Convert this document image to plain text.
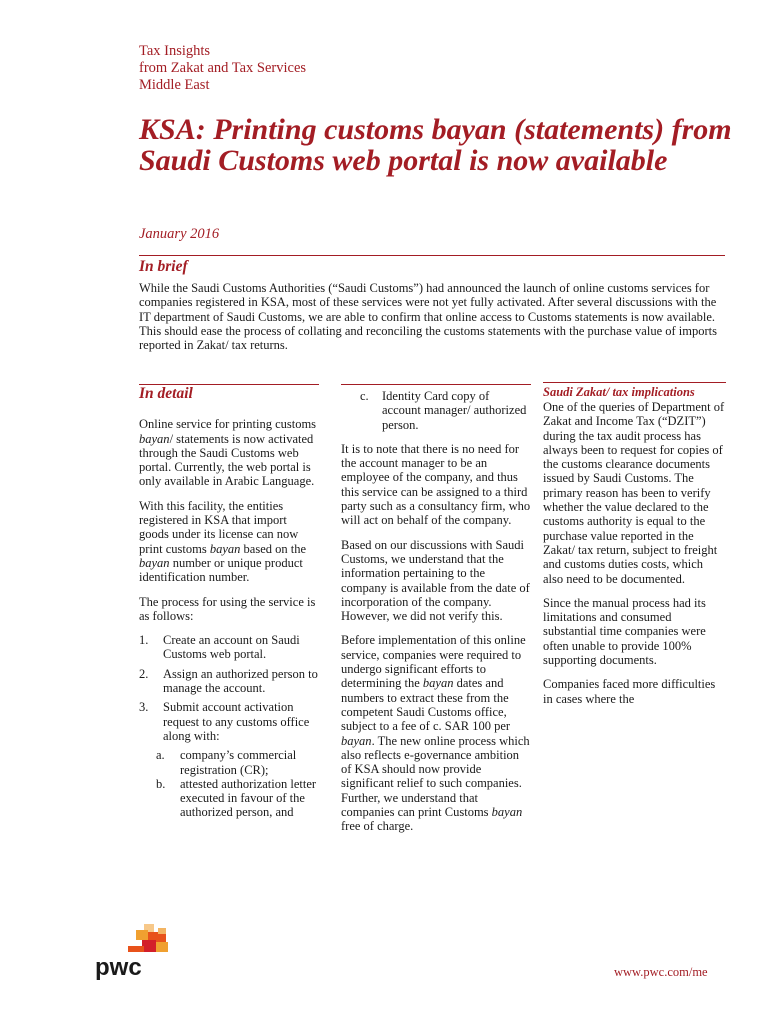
Tax Insights
from Zakat and Tax Services
Middle East
KSA: Printing customs bayan (statements) from Saudi Customs web portal is now available
January 2016
In brief

While the Saudi Customs Authorities (“Saudi Customs”) had announced the launch of online customs services for companies registered in KSA, most of these services were not yet fully activated. After several discussions with the IT department of Saudi Customs, we are able to confirm that online access to Customs statements is now available. This should ease the process of collating and reconciling the customs statements with the purchase value of imports reported in Zakat/ tax returns.

In detail

Online service for printing customs bayan/ statements is now activated through the Saudi Customs web portal. Currently, the web portal is only available in Arabic Language.

With this facility, the entities registered in KSA that import goods under its license can now print customs bayan based on the bayan number or unique product identification number.

The process for using the service is as follows:

1. Create an account on Saudi Customs web portal.
2. Assign an authorized person to manage the account.
3. Submit account activation request to any customs office along with:
a. company’s commercial registration (CR);
b. attested authorization letter executed in favour of the authorized person, and
c. Identity Card copy of account manager/ authorized person.

It is to note that there is no need for the account manager to be an employee of the company, and thus this service can be assigned to a third party such as a consultancy firm, who will act on behalf of the company.

Based on our discussions with Saudi Customs, we understand that the information pertaining to the company is available from the date of incorporation of the company. However, we did not verify this.

Before implementation of this online service, companies were required to undergo significant efforts to determining the bayan dates and numbers to extract these from the competent Saudi Customs office, subject to a fee of c. SAR 100 per bayan. The new online process which also reflects e-governance ambition of KSA should now provide significant relief to such companies. Further, we understand that companies can print Customs bayan free of charge.

Saudi Zakat/ tax implications

One of the queries of Department of Zakat and Income Tax (“DZIT”) during the tax audit process has always been to request for copies of the customs clearance documents issued by Saudi Customs. The primary reason has been to verify whether the value declared to the customs authority is equal to the purchase value reported in the Zakat/ tax return, subject to freight and customs duties costs, which also need to be documented.

Since the manual process had its limitations and consumed substantial time companies were often unable to provide 100% supporting documents.

Companies faced more difficulties in cases where the

pwc	www.pwc.com/me
